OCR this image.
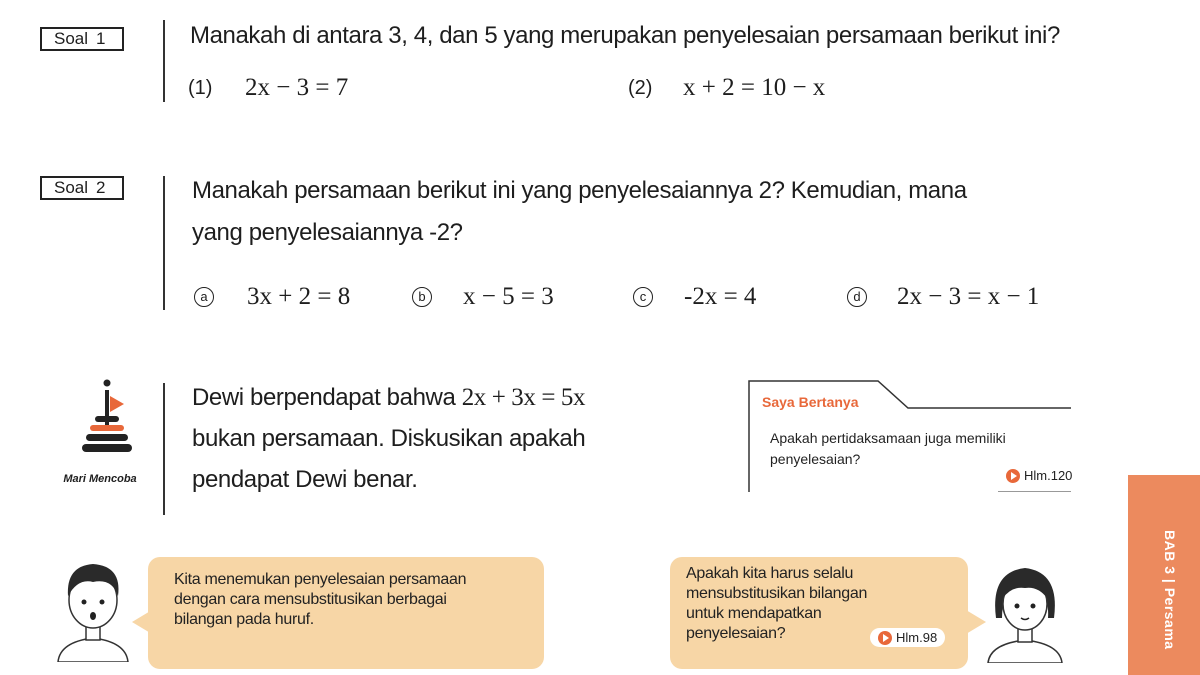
Soal 1	Manakah di antara 3, 4, dan 5 yang merupakan penyelesaian persamaan berikut ini?
(1) 2x − 3 = 7	(2) x + 2 = 10 − x
Soal 2	Manakah persamaan berikut ini yang penyelesaiannya 2? Kemudian, mana
yang penyelesaiannya -2?
a 3x + 2 = 8	b x − 5 = 3	c -2x = 4	d 2x − 3 = x − 1
Mari Mencoba
Dewi berpendapat bahwa 2x + 3x = 5x
bukan persamaan. Diskusikan apakah
pendapat Dewi benar.
Saya Bertanya
Apakah pertidaksamaan juga memiliki
penyelesaian?
Hlm.120
Kita menemukan penyelesaian persamaan
dengan cara mensubstitusikan berbagai
bilangan pada huruf.
Apakah kita harus selalu
mensubstitusikan bilangan
untuk mendapatkan
penyelesaian?	Hlm.98	BAB 3 | Persama
